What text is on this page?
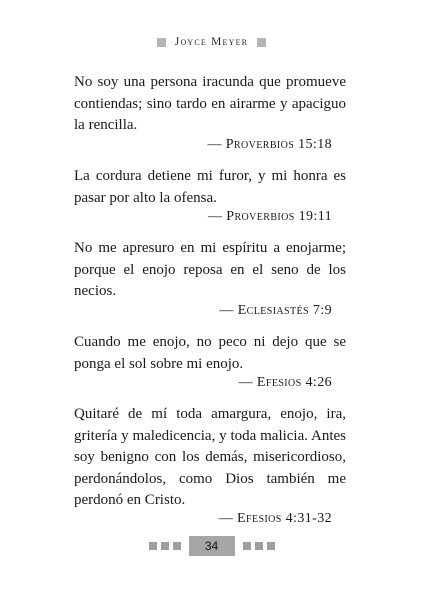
Joyce Meyer

No soy una persona iracunda que promueve contiendas; sino tardo en airarme y apaciguo la rencilla.

— Proverbios 15:18

La cordura detiene mi furor, y mi honra es pasar por alto la ofensa.

— Proverbios 19:11

No me apresuro en mi espíritu a enojarme; porque el enojo reposa en el seno de los necios.

— Eclesiastés 7:9

Cuando me enojo, no peco ni dejo que se ponga el sol sobre mi enojo.

— Efesios 4:26

Quitaré de mí toda amargura, enojo, ira, gritería y maledicencia, y toda malicia. Antes soy benigno con los demás, misericordioso, perdonándolos, como Dios también me perdonó en Cristo.

— Efesios 4:31-32
34
